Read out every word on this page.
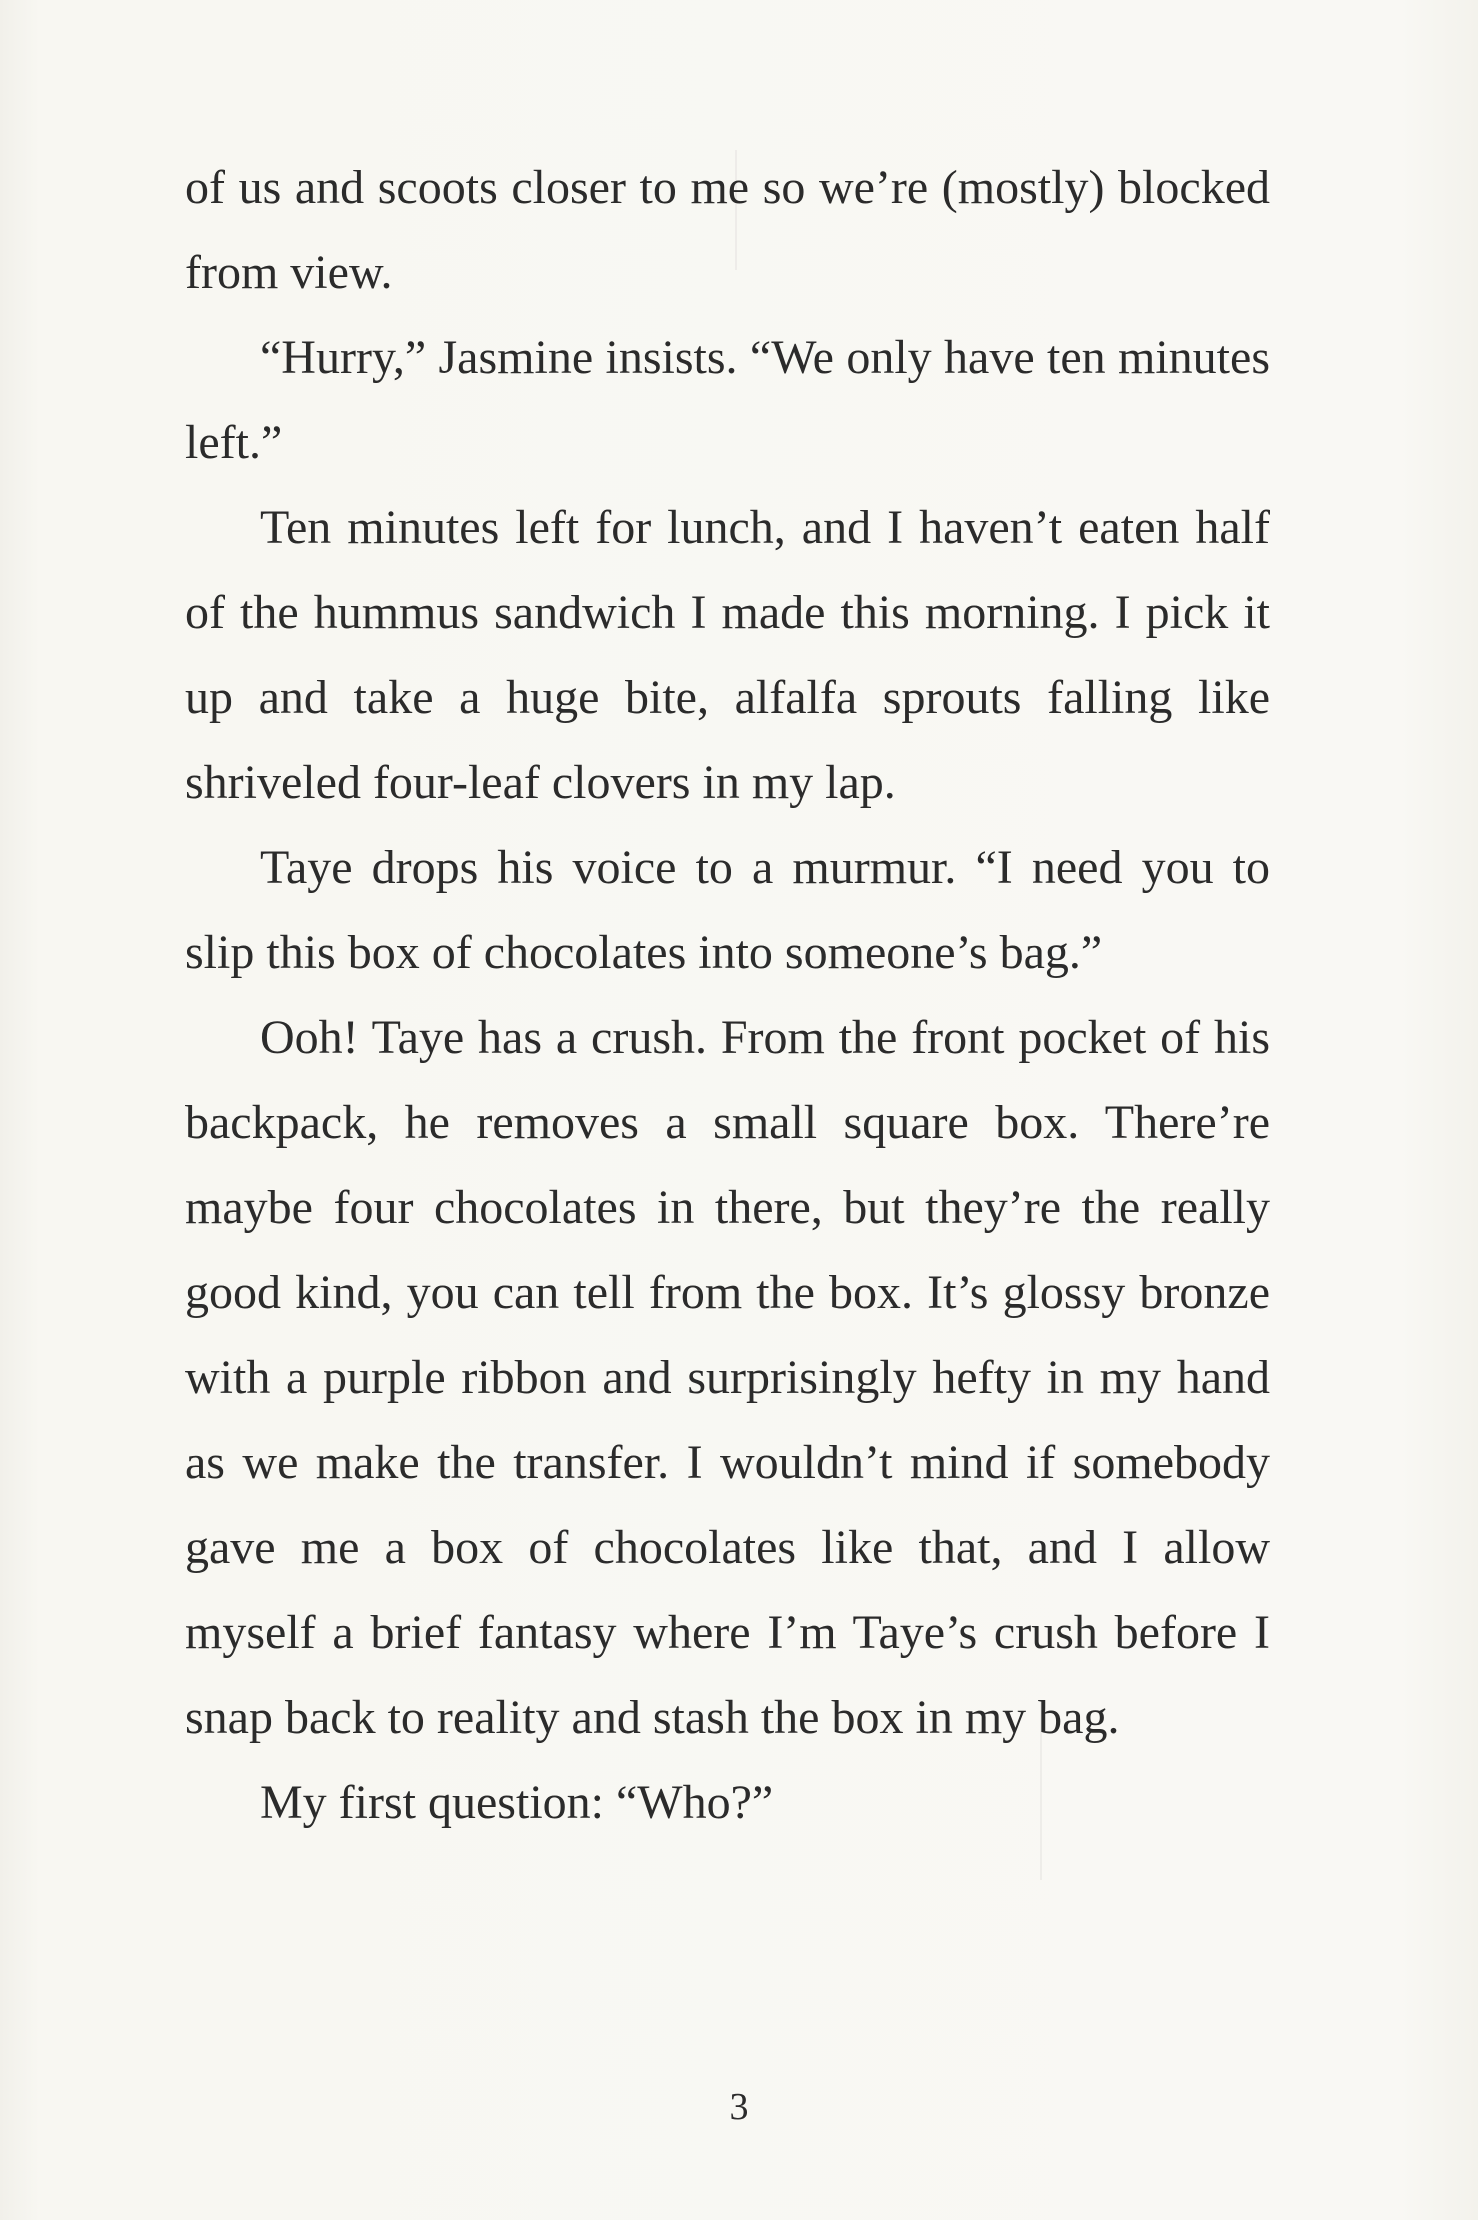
of us and scoots closer to me so we’re (mostly) blocked from view.

“Hurry,” Jasmine insists. “We only have ten minutes left.”

Ten minutes left for lunch, and I haven’t eaten half of the hummus sandwich I made this morning. I pick it up and take a huge bite, alfalfa sprouts falling like shriveled four-leaf clovers in my lap.

Taye drops his voice to a murmur. “I need you to slip this box of chocolates into someone’s bag.”

Ooh! Taye has a crush. From the front pocket of his backpack, he removes a small square box. There’re maybe four chocolates in there, but they’re the really good kind, you can tell from the box. It’s glossy bronze with a purple ribbon and surprisingly hefty in my hand as we make the transfer. I wouldn’t mind if somebody gave me a box of chocolates like that, and I allow myself a brief fantasy where I’m Taye’s crush before I snap back to reality and stash the box in my bag.

My first question: “Who?”

3
